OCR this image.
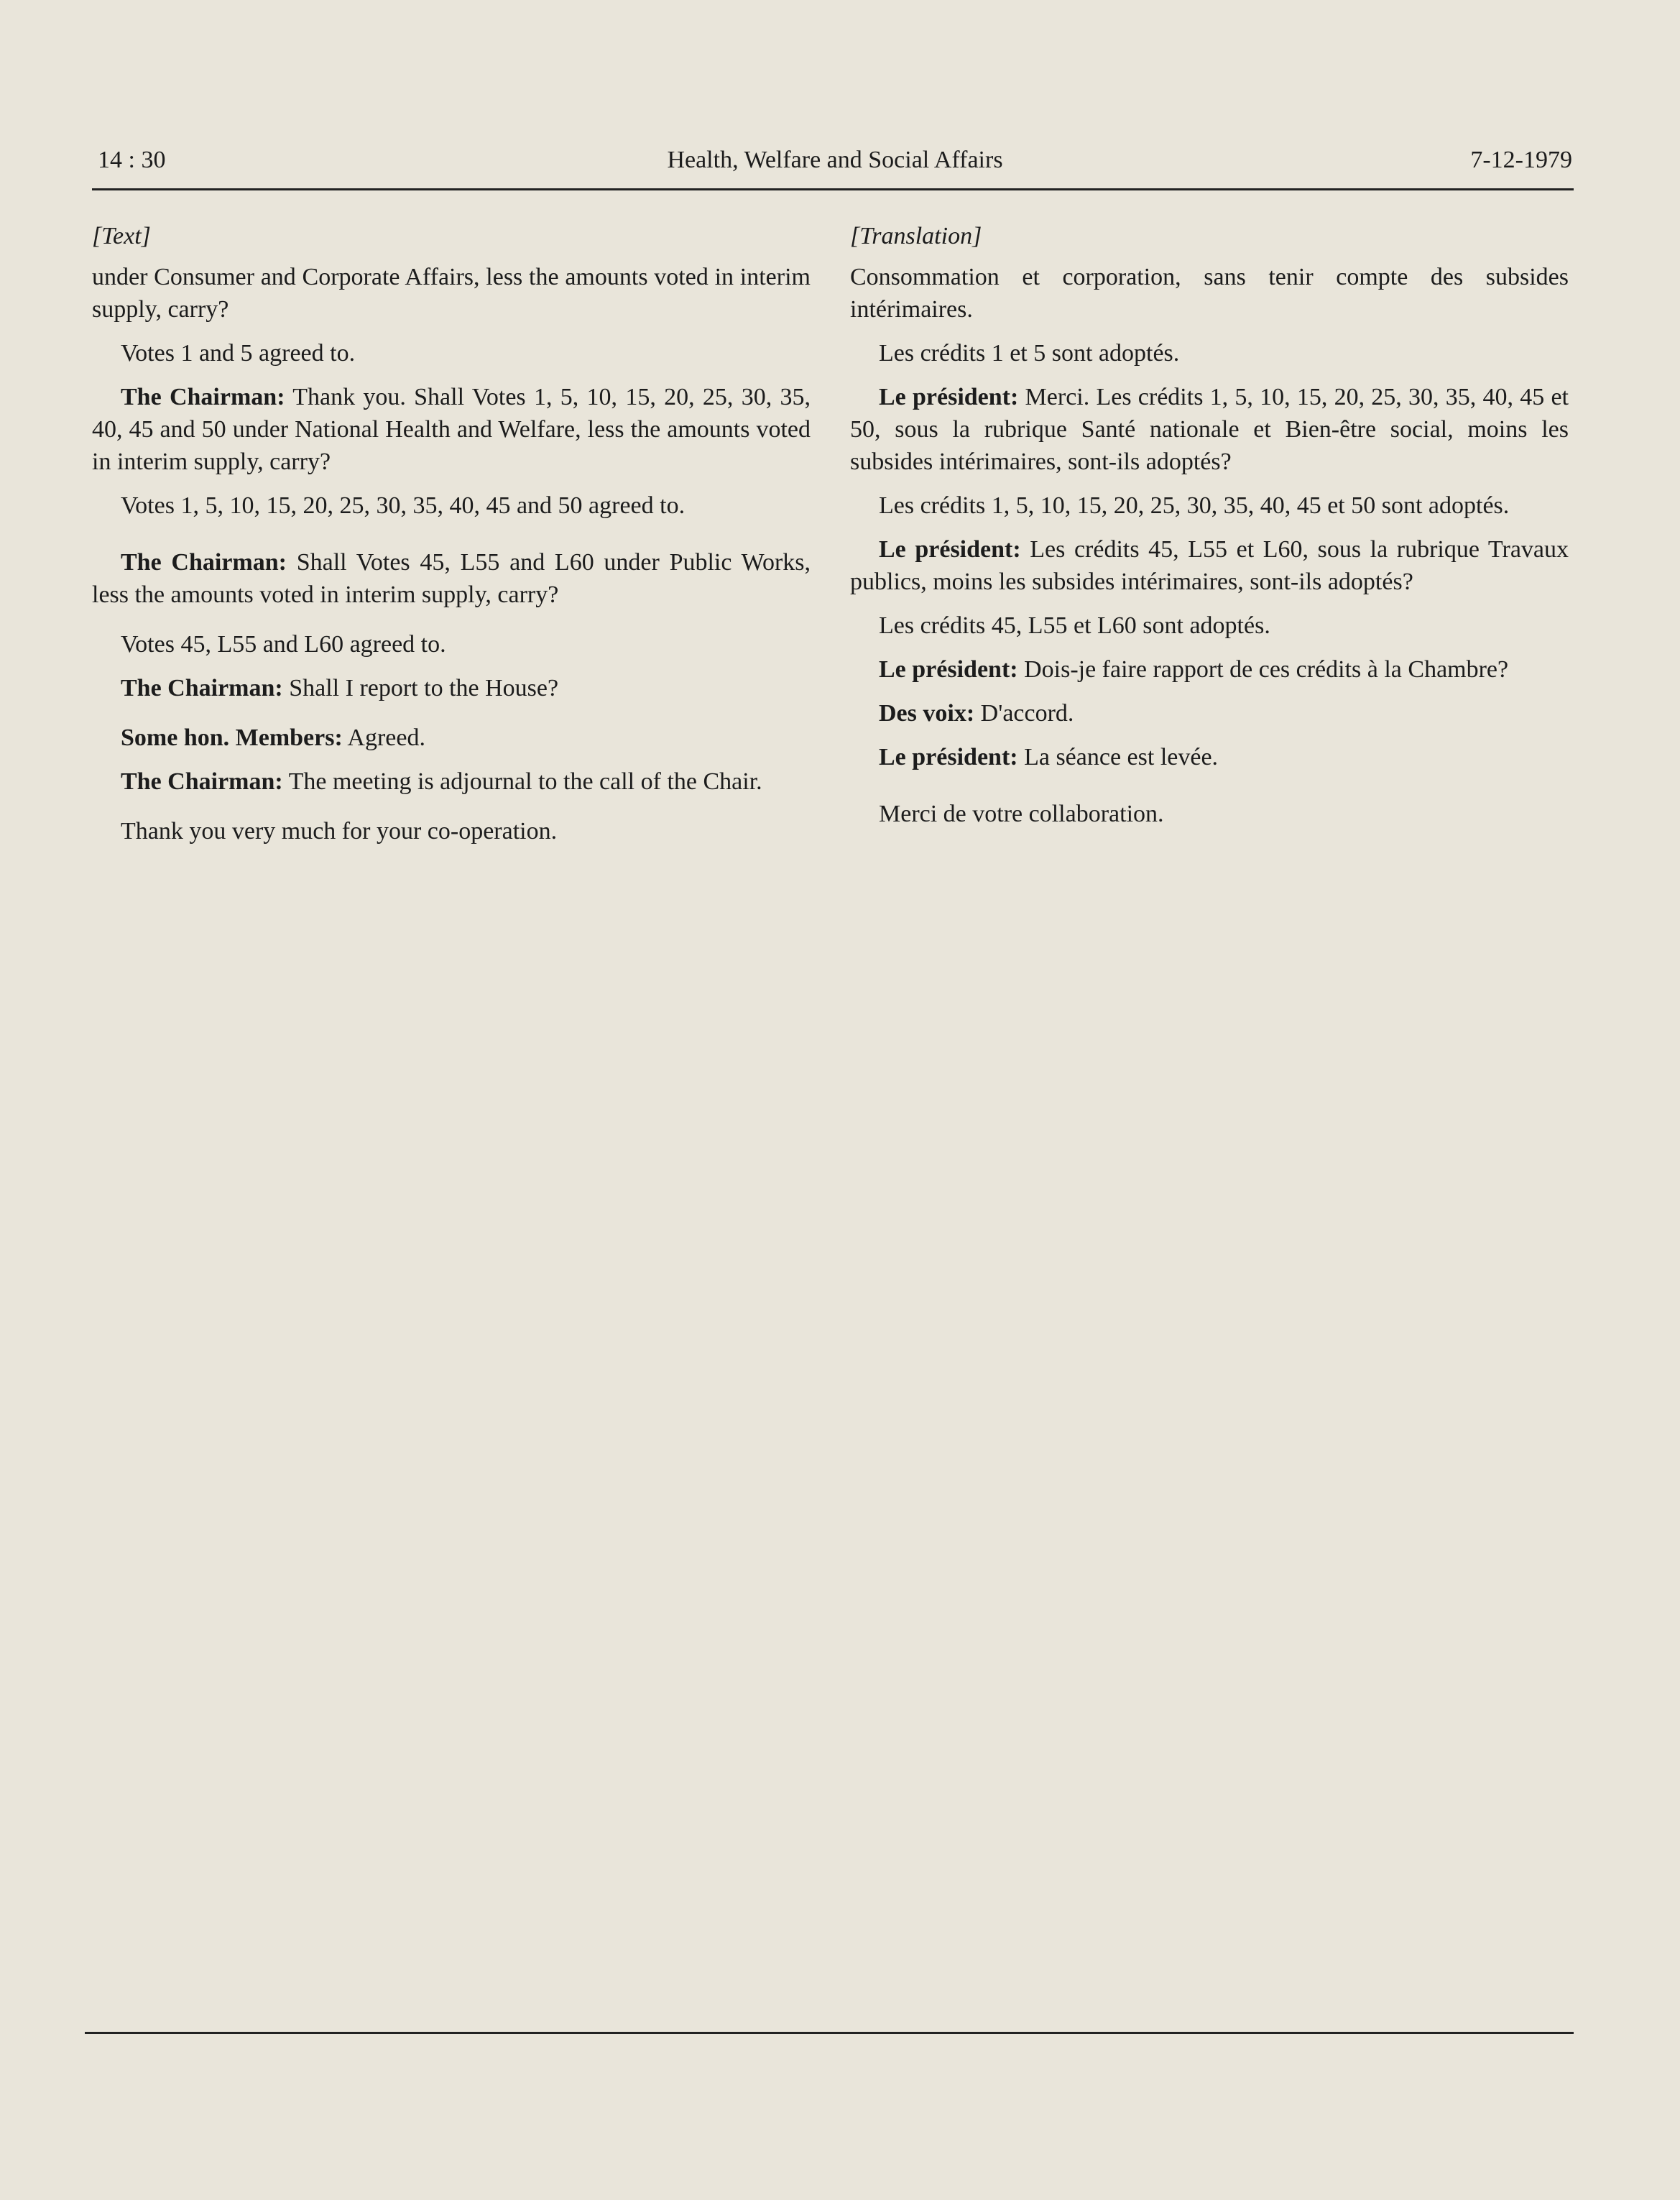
14 : 30	Health, Welfare and Social Affairs	7-12-1979

[Text]

under Consumer and Corporate Affairs, less the amounts voted in interim supply, carry?

Votes 1 and 5 agreed to.

The Chairman: Thank you. Shall Votes 1, 5, 10, 15, 20, 25, 30, 35, 40, 45 and 50 under National Health and Welfare, less the amounts voted in interim supply, carry?

Votes 1, 5, 10, 15, 20, 25, 30, 35, 40, 45 and 50 agreed to.

The Chairman: Shall Votes 45, L55 and L60 under Public Works, less the amounts voted in interim supply, carry?

Votes 45, L55 and L60 agreed to.

The Chairman: Shall I report to the House?

Some hon. Members: Agreed.

The Chairman: The meeting is adjournal to the call of the Chair.

Thank you very much for your co-operation.

[Translation]

Consommation et corporation, sans tenir compte des subsides intérimaires.

Les crédits 1 et 5 sont adoptés.

Le président: Merci. Les crédits 1, 5, 10, 15, 20, 25, 30, 35, 40, 45 et 50, sous la rubrique Santé nationale et Bien-être social, moins les subsides intérimaires, sont-ils adoptés?

Les crédits 1, 5, 10, 15, 20, 25, 30, 35, 40, 45 et 50 sont adoptés.

Le président: Les crédits 45, L55 et L60, sous la rubrique Travaux publics, moins les subsides intérimaires, sont-ils adoptés?

Les crédits 45, L55 et L60 sont adoptés.

Le président: Dois-je faire rapport de ces crédits à la Chambre?

Des voix: D'accord.

Le président: La séance est levée.

Merci de votre collaboration.
